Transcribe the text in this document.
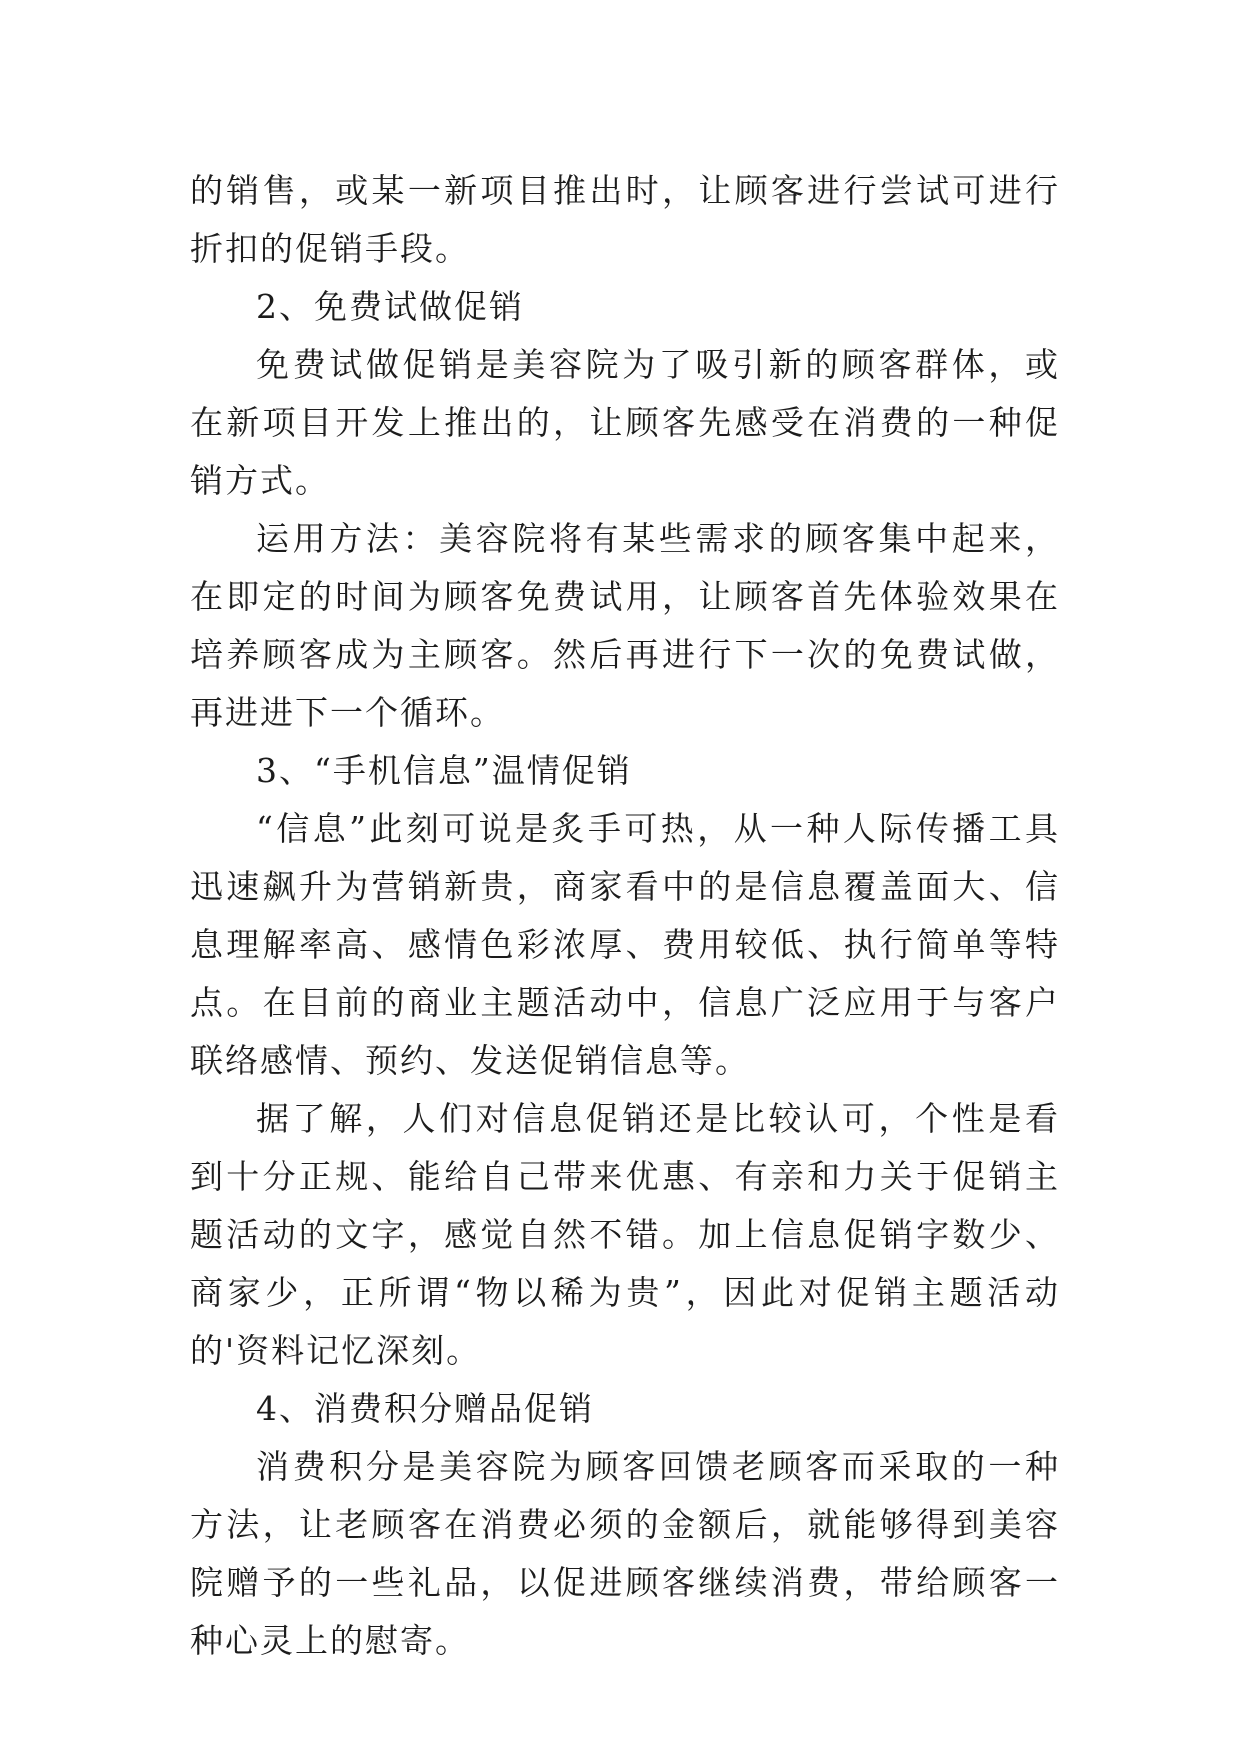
的销售，或某一新项目推出时，让顾客进行尝试可进行折扣的促销手段。

2、免费试做促销

免费试做促销是美容院为了吸引新的顾客群体，或在新项目开发上推出的，让顾客先感受在消费的一种促销方式。

运用方法：美容院将有某些需求的顾客集中起来，在即定的时间为顾客免费试用，让顾客首先体验效果在培养顾客成为主顾客。然后再进行下一次的免费试做，再进进下一个循环。

3、“手机信息”温情促销

“信息”此刻可说是炙手可热，从一种人际传播工具迅速飙升为营销新贵，商家看中的是信息覆盖面大、信息理解率高、感情色彩浓厚、费用较低、执行简单等特点。在目前的商业主题活动中，信息广泛应用于与客户联络感情、预约、发送促销信息等。

据了解，人们对信息促销还是比较认可，个性是看到十分正规、能给自己带来优惠、有亲和力关于促销主题活动的文字，感觉自然不错。加上信息促销字数少、商家少，正所谓“物以稀为贵”，因此对促销主题活动的'资料记忆深刻。

4、消费积分赠品促销

消费积分是美容院为顾客回馈老顾客而采取的一种方法，让老顾客在消费必须的金额后，就能够得到美容院赠予的一些礼品，以促进顾客继续消费，带给顾客一种心灵上的慰寄。
